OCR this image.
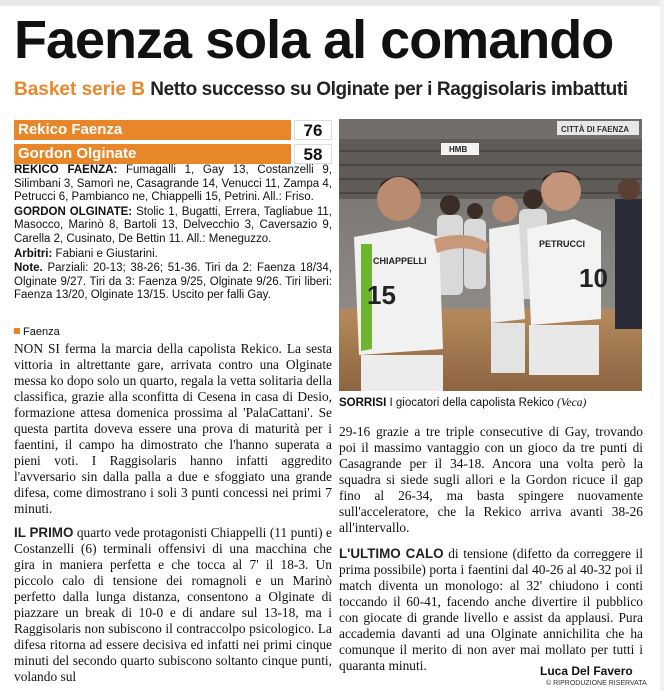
Faenza sola al comando
Basket serie B Netto successo su Olginate per i Raggisolaris imbattuti
Rekico Faenza	76
Gordon Olginate	58

REKICO FAENZA: Fumagalli 1, Gay 13, Costanzelli 9, Silimbani 3, Samorì ne, Casagrande 14, Venucci 11, Zampa 4, Petrucci 6, Pambianco ne, Chiappelli 15, Petrini. All.: Friso.

GORDON OLGINATE: Stolic 1, Bugatti, Errera, Tagliabue 11, Masocco, Marinò 8, Bartoli 13, Delvecchio 3, Caversazio 9, Carella 2, Cusinato, De Bettin 11. All.: Meneguzzo.

Arbitri: Fabiani e Giustarini.

Note. Parziali: 20-13; 38-26; 51-36. Tiri da 2: Faenza 18/34, Olginate 9/27. Tiri da 3: Faenza 9/25, Olginate 9/26. Tiri liberi: Faenza 13/20, Olginate 13/15. Uscito per falli Gay.

Faenza

NON SI ferma la marcia della capolista Rekico. La sesta vittoria in altrettante gare, arrivata contro una Olginate messa ko dopo solo un quarto, regala la vetta solitaria della classifica, grazie alla sconfitta di Cesena in casa di Desio, formazione attesa domenica prossima al 'PalaCattani'. Se questa partita doveva essere una prova di maturità per i faentini, il campo ha dimostrato che l'hanno superata a pieni voti. I Raggisolaris hanno infatti aggredito l'avversario sin dalla palla a due e sfoggiato una grande difesa, come dimostrano i soli 3 punti concessi nei primi 7 minuti.

IL PRIMO quarto vede protagonisti Chiappelli (11 punti) e Costanzelli (6) terminali offensivi di una macchina che gira in maniera perfetta e che tocca al 7' il 18-3. Un piccolo calo di tensione dei romagnoli e un Marinò perfetto dalla lunga distanza, consentono a Olginate di piazzare un break di 10-0 e di andare sul 13-18, ma i Raggisolaris non subiscono il contraccolpo psicologico. La difesa ritorna ad essere decisiva ed infatti nei primi cinque minuti del secondo quarto subiscono soltanto cinque punti, volando sul

CITTÀ DI FAENZA
HMB
CHIAPPELLI
15
PETRUCCI
10
SORRISI I giocatori della capolista Rekico (Veca)

29-16 grazie a tre triple consecutive di Gay, trovando poi il massimo vantaggio con un gioco da tre punti di Casagrande per il 34-18. Ancora una volta però la squadra si siede sugli allori e la Gordon ricuce il gap fino al 26-34, ma basta spingere nuovamente sull'acceleratore, che la Rekico arriva avanti 38-26 all'intervallo.

L'ULTIMO CALO di tensione (difetto da correggere il prima possibile) porta i faentini dal 40-26 al 40-32 poi il match diventa un monologo: al 32' chiudono i conti toccando il 60-41, facendo anche divertire il pubblico con giocate di grande livello e assist da applausi. Pura accademia davanti ad una Olginate annichilita che ha comunque il merito di non aver mai mollato per tutti i quaranta minuti.	Luca Del Favero
© RIPRODUZIONE RISERVATA
